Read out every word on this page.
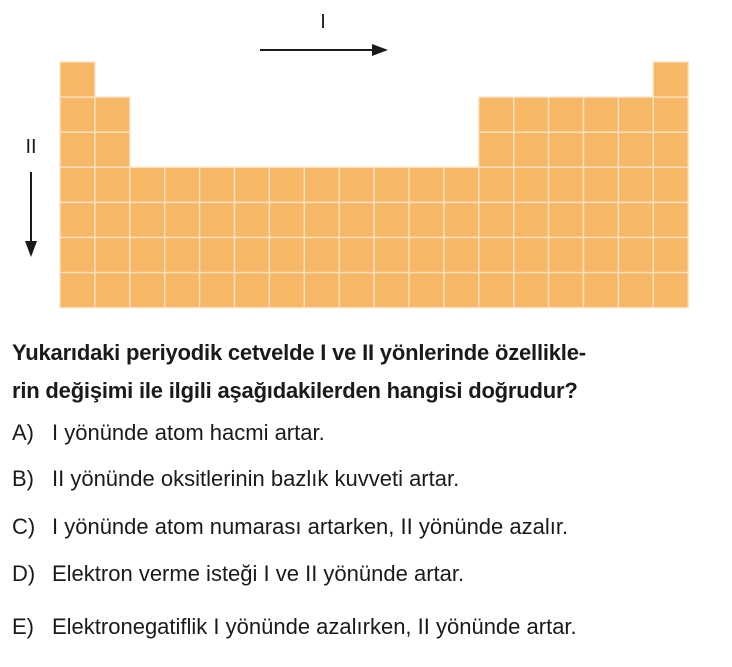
I
II

Yukarıdaki periyodik cetvelde I ve II yönlerinde özellikle-
rin değişimi ile ilgili aşağıdakilerden hangisi doğrudur?

A) I yönünde atom hacmi artar.
B) II yönünde oksitlerinin bazlık kuvveti artar.
C) I yönünde atom numarası artarken, II yönünde azalır.
D) Elektron verme isteği I ve II yönünde artar.
E) Elektronegatiflik I yönünde azalırken, II yönünde artar.
